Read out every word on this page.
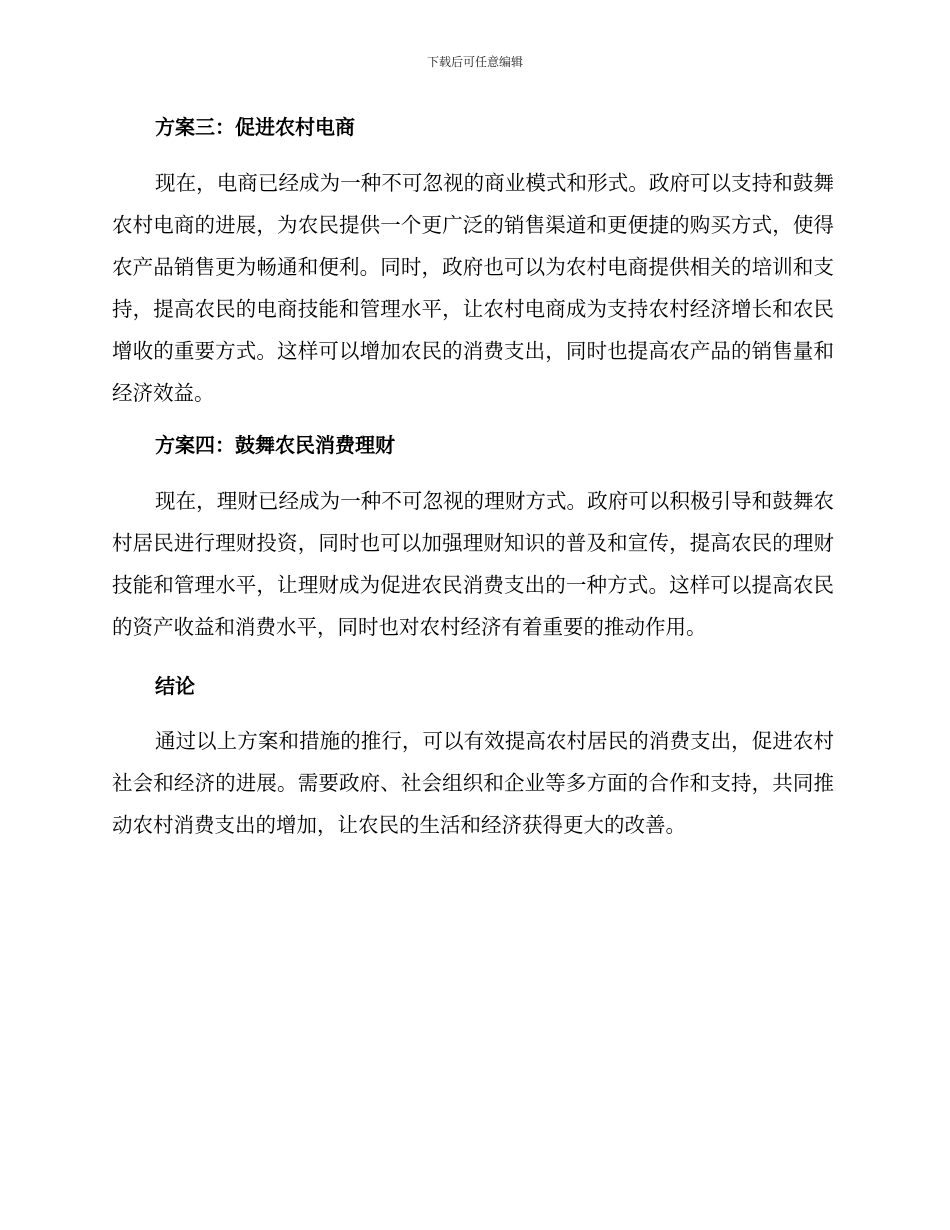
下载后可任意编辑
方案三：促进农村电商

现在，电商已经成为一种不可忽视的商业模式和形式。政府可以支持和鼓舞农村电商的进展，为农民提供一个更广泛的销售渠道和更便捷的购买方式，使得农产品销售更为畅通和便利。同时，政府也可以为农村电商提供相关的培训和支持，提高农民的电商技能和管理水平，让农村电商成为支持农村经济增长和农民增收的重要方式。这样可以增加农民的消费支出，同时也提高农产品的销售量和经济效益。

方案四：鼓舞农民消费理财

现在，理财已经成为一种不可忽视的理财方式。政府可以积极引导和鼓舞农村居民进行理财投资，同时也可以加强理财知识的普及和宣传，提高农民的理财技能和管理水平，让理财成为促进农民消费支出的一种方式。这样可以提高农民的资产收益和消费水平，同时也对农村经济有着重要的推动作用。

结论

通过以上方案和措施的推行，可以有效提高农村居民的消费支出，促进农村社会和经济的进展。需要政府、社会组织和企业等多方面的合作和支持，共同推动农村消费支出的增加，让农民的生活和经济获得更大的改善。
